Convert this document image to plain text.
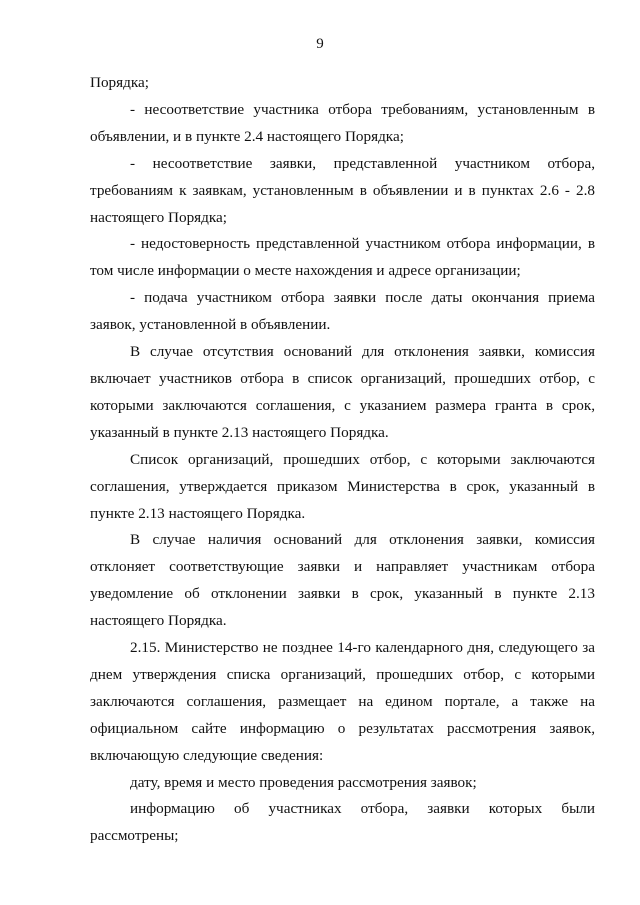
9

Порядка;

- несоответствие участника отбора требованиям, установленным в объявлении, и в пункте 2.4 настоящего Порядка;

- несоответствие заявки, представленной участником отбора, требованиям к заявкам, установленным в объявлении и в пунктах 2.6 - 2.8 настоящего Порядка;

- недостоверность представленной участником отбора информации, в том числе информации о месте нахождения и адресе организации;

- подача участником отбора заявки после даты окончания приема заявок, установленной в объявлении.

В случае отсутствия оснований для отклонения заявки, комиссия включает участников отбора в список организаций, прошедших отбор, с которыми заключаются соглашения, с указанием размера гранта в срок, указанный в пункте 2.13 настоящего Порядка.

Список организаций, прошедших отбор, с которыми заключаются соглашения, утверждается приказом Министерства в срок, указанный в пункте 2.13 настоящего Порядка.

В случае наличия оснований для отклонения заявки, комиссия отклоняет соответствующие заявки и направляет участникам отбора уведомление об отклонении заявки в срок, указанный в пункте 2.13 настоящего Порядка.

2.15. Министерство не позднее 14-го календарного дня, следующего за днем утверждения списка организаций, прошедших отбор, с которыми заключаются соглашения, размещает на едином портале, а также на официальном сайте информацию о результатах рассмотрения заявок, включающую следующие сведения:

дату, время и место проведения рассмотрения заявок;

информацию об участниках отбора, заявки которых были рассмотрены;
